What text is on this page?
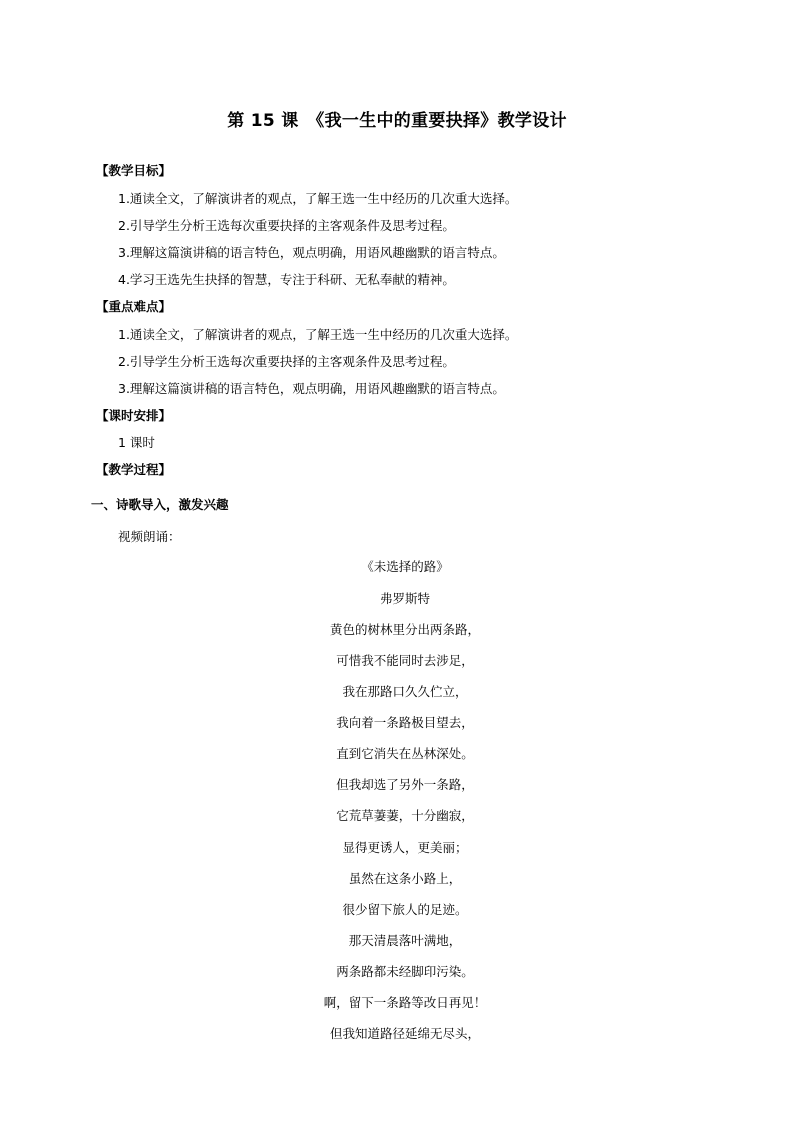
第 15 课　《我一生中的重要抉择》教学设计
【教学目标】
1.通读全文，了解演讲者的观点，了解王选一生中经历的几次重大选择。
2.引导学生分析王选每次重要抉择的主客观条件及思考过程。
3.理解这篇演讲稿的语言特色，观点明确，用语风趣幽默的语言特点。
4.学习王选先生抉择的智慧，专注于科研、无私奉献的精神。
【重点难点】
1.通读全文，了解演讲者的观点，了解王选一生中经历的几次重大选择。
2.引导学生分析王选每次重要抉择的主客观条件及思考过程。
3.理解这篇演讲稿的语言特色，观点明确，用语风趣幽默的语言特点。
【课时安排】
1 课时
【教学过程】
一、诗歌导入，激发兴趣
视频朗诵：
《未选择的路》
弗罗斯特
黄色的树林里分出两条路，
可惜我不能同时去涉足，
我在那路口久久伫立，
我向着一条路极目望去，
直到它消失在丛林深处。
但我却选了另外一条路，
它荒草萋萋，十分幽寂，
显得更诱人，更美丽；
虽然在这条小路上，
很少留下旅人的足迹。
那天清晨落叶满地，
两条路都未经脚印污染。
啊，留下一条路等改日再见！
但我知道路径延绵无尽头，
